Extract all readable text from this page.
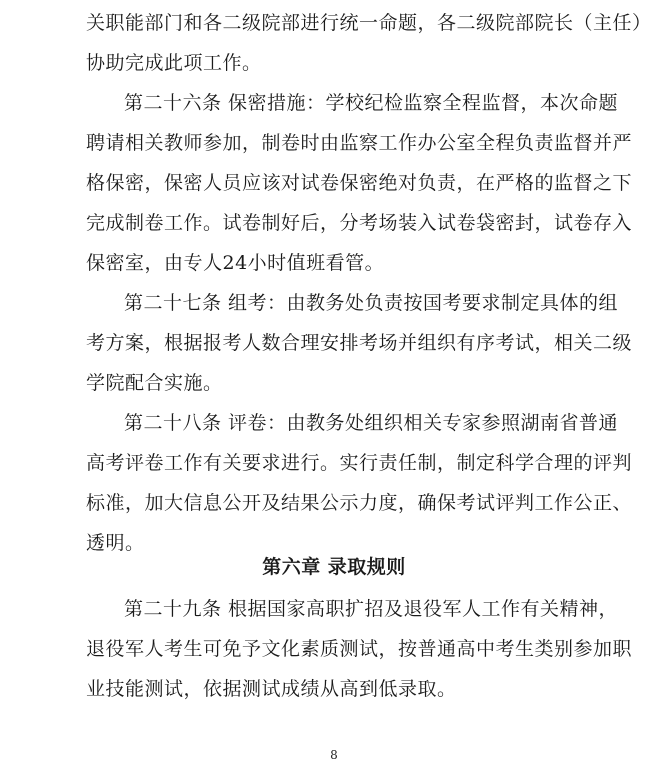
关职能部门和各二级院部进行统一命题，各二级院部院长（主任）
协助完成此项工作。
第二十六条 保密措施：学校纪检监察全程监督，本次命题
聘请相关教师参加，制卷时由监察工作办公室全程负责监督并严
格保密，保密人员应该对试卷保密绝对负责，在严格的监督之下
完成制卷工作。试卷制好后，分考场装入试卷袋密封，试卷存入
保密室，由专人24小时值班看管。
第二十七条 组考：由教务处负责按国考要求制定具体的组
考方案，根据报考人数合理安排考场并组织有序考试，相关二级
学院配合实施。
第二十八条 评卷：由教务处组织相关专家参照湖南省普通
高考评卷工作有关要求进行。实行责任制，制定科学合理的评判
标准，加大信息公开及结果公示力度，确保考试评判工作公正、
透明。
第六章 录取规则
第二十九条 根据国家高职扩招及退役军人工作有关精神，
退役军人考生可免予文化素质测试，按普通高中考生类别参加职
业技能测试，依据测试成绩从高到低录取。
8
